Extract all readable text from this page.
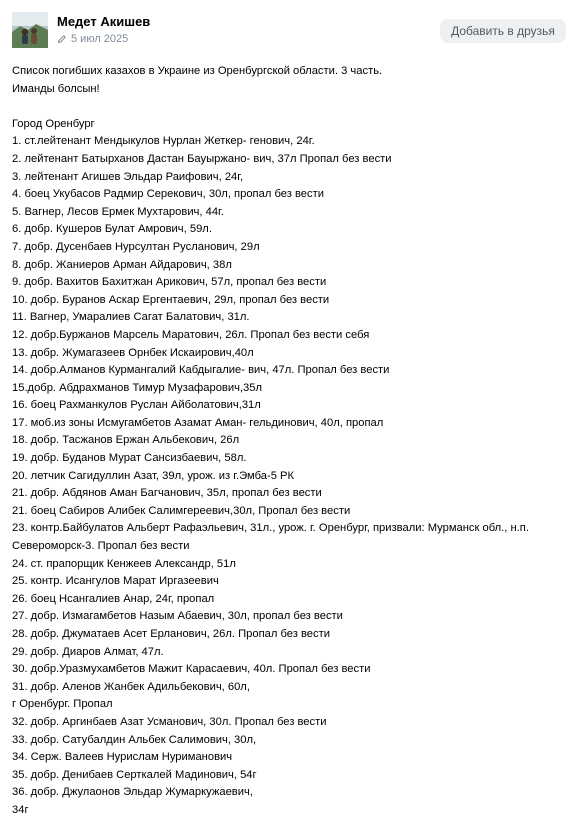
Медет Акишев
5 июл 2025
Добавить в друзья

Список погибших казахов в Украине из Оренбургской области. 3 часть.

Иманды болсын!

Город Оренбург

1. ст.лейтенант Мендыкулов Нурлан Жеткер- генович, 24г.

2. лейтенант Батырханов Дастан Бауыржано- вич, 37л Пропал без вести

3. лейтенант Агишев Эльдар Раифович, 24г,

4. боец Укубасов Радмир Серекович, 30л, пропал без вести

5. Вагнер, Лесов Ермек Мухтарович, 44г.

6. добр. Кушеров Булат Амрович, 59л.

7. добр. Дусенбаев Нурсултан Русланович, 29л

8. добр. Жаниеров Арман Айдарович, 38л

9. добр. Вахитов Бахитжан Арикович, 57л, пропал без вести

10. добр. Буранов Аскар Ергентаевич, 29л, пропал без вести

11. Вагнер, Умаралиев Сагат Балатович, 31л.

12. добр.Буржанов Марсель Маратович, 26л. Пропал без вести себя

13. добр. Жумагазеев Орнбек Искаирович,40л

14. добр.Алманов Курмангалий Кабдыгалие- вич, 47л. Пропал без вести

15.добр. Абдрахманов Тимур Музафарович,35л

16. боец Рахманкулов Руслан Айболатович,31л

17. моб.из зоны Исмугамбетов Азамат Аман- гельдинович, 40л, пропал

18. добр. Тасжанов Ержан Альбекович, 26л

19. добр. Буданов Мурат Сансизбаевич, 58л.

20. летчик Сагидуллин Азат, 39л, урож. из г.Эмба-5 РК

21. добр. Абдянов Аман Багчанович, 35л, пропал без вести

21. боец Сабиров Алибек Салимгереевич,30л, Пропал без вести

23. контр.Байбулатов Альберт Рафаэльевич, 31л., урож. г. Оренбург, призвали: Мурманск обл., н.п.

Североморск-3. Пропал без вести

24. ст. прапорщик Кенжеев Александр, 51л

25. контр. Исангулов Марат Иргазеевич

26. боец Нсангалиев Анар, 24г, пропал

27. добр. Измагамбетов Назым Абаевич, 30л, пропал без вести

28. добр. Джуматаев Асет Ерланович, 26л. Пропал без вести

29. добр. Диаров Алмат, 47л.

30. добр.Уразмухамбетов Мажит Карасаевич, 40л. Пропал без вести

31. добр. Аленов Жанбек Адильбекович, 60л,

г Оренбург. Пропал

32. добр. Аргинбаев Азат Усманович, 30л. Пропал без вести

33. добр. Сатубалдин Альбек Салимович, 30л,

34. Серж. Валеев Нурислам Нуриманович

35. добр. Денибаев Серткалей Мадинович, 54г

36. добр. Джулаонов Эльдар Жумаркужаевич,

34г
